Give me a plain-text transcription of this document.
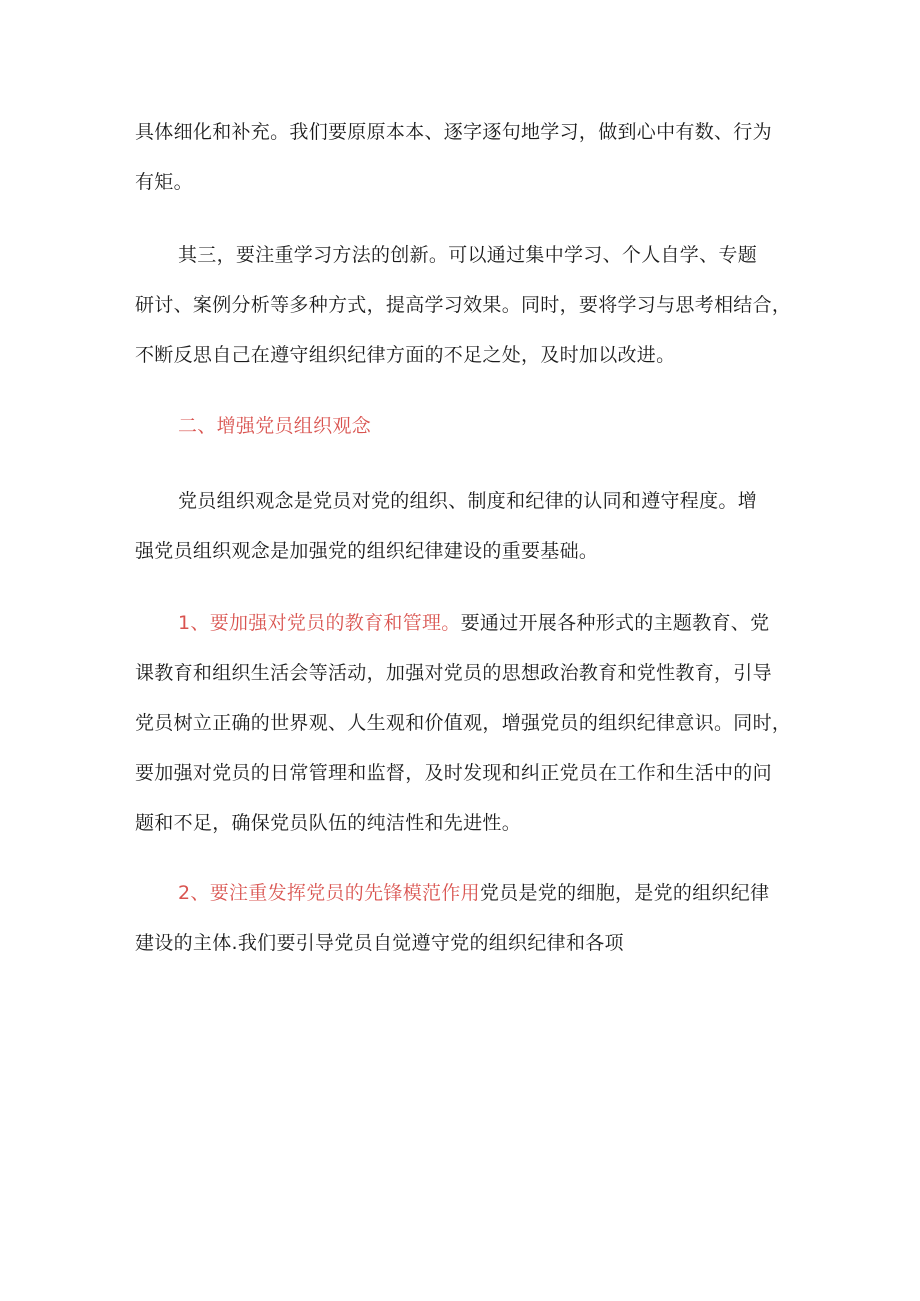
具体细化和补充。我们要原原本本、逐字逐句地学习，做到心中有数、行为
有矩。

其三，要注重学习方法的创新。可以通过集中学习、个人自学、专题
研讨、案例分析等多种方式，提高学习效果。同时，要将学习与思考相结合，
不断反思自己在遵守组织纪律方面的不足之处，及时加以改进。

二、增强党员组织观念

党员组织观念是党员对党的组织、制度和纪律的认同和遵守程度。增
强党员组织观念是加强党的组织纪律建设的重要基础。

1、要加强对党员的教育和管理。要通过开展各种形式的主题教育、党
课教育和组织生活会等活动，加强对党员的思想政治教育和党性教育，引导
党员树立正确的世界观、人生观和价值观，增强党员的组织纪律意识。同时，
要加强对党员的日常管理和监督，及时发现和纠正党员在工作和生活中的问
题和不足，确保党员队伍的纯洁性和先进性。

2、要注重发挥党员的先锋模范作用党员是党的细胞，是党的组织纪律
建设的主体.我们要引导党员自觉遵守党的组织纪律和各项
